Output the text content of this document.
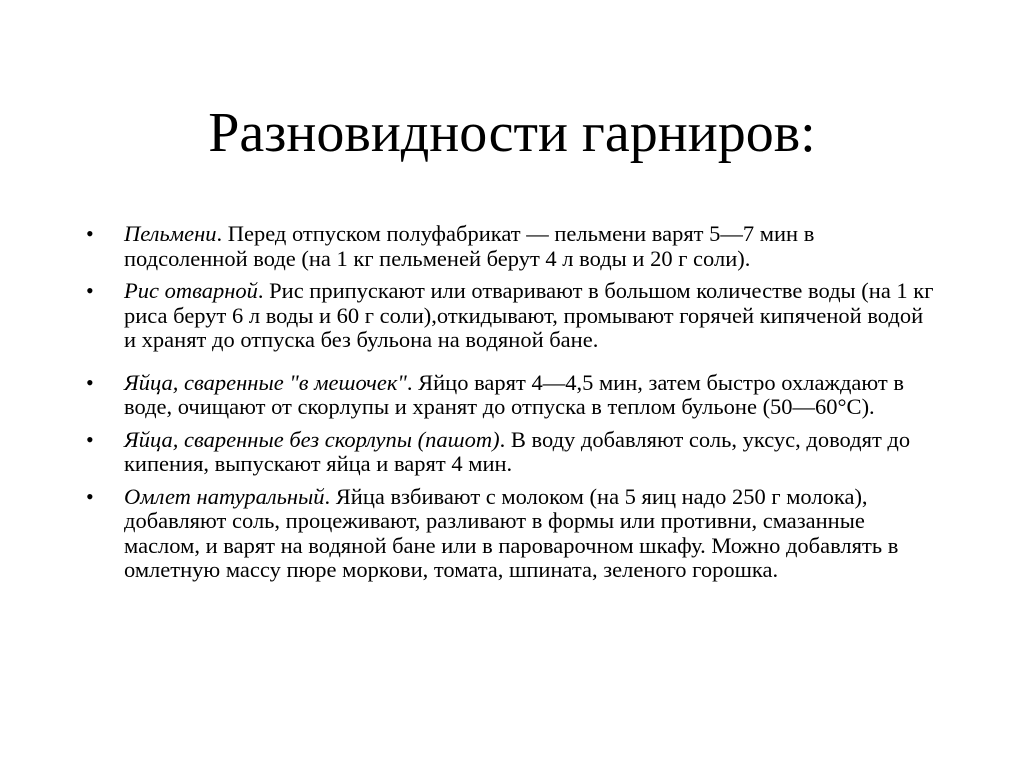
Разновидности гарниров:
• Пельмени. Перед отпуском полуфабрикат — пельмени варят 5—7 мин в подсоленной воде (на 1 кг пельменей берут 4 л воды и 20 г соли).
• Рис отварной. Рис припускают или отваривают в большом количестве воды (на 1 кг риса берут 6 л воды и 60 г соли),откидывают, промывают горячей кипяченой водой и хранят до отпуска без бульона на водяной бане.
• Яйца, сваренные "в мешочек". Яйцо варят 4—4,5 мин, затем быстро охлаждают в воде, очищают от скорлупы и хранят до отпуска в теплом бульоне (50—60°С).
• Яйца, сваренные без скорлупы (пашот). В воду добавляют соль, уксус, доводят до кипения, выпускают яйца и варят 4 мин.
• Омлет натуральный. Яйца взбивают с молоком (на 5 яиц надо 250 г молока), добавляют соль, процеживают, разливают в формы или противни, смазанные маслом, и варят на водяной бане или в пароварочном шкафу. Можно добавлять в омлетную массу пюре моркови, томата, шпината, зеленого горошка.
